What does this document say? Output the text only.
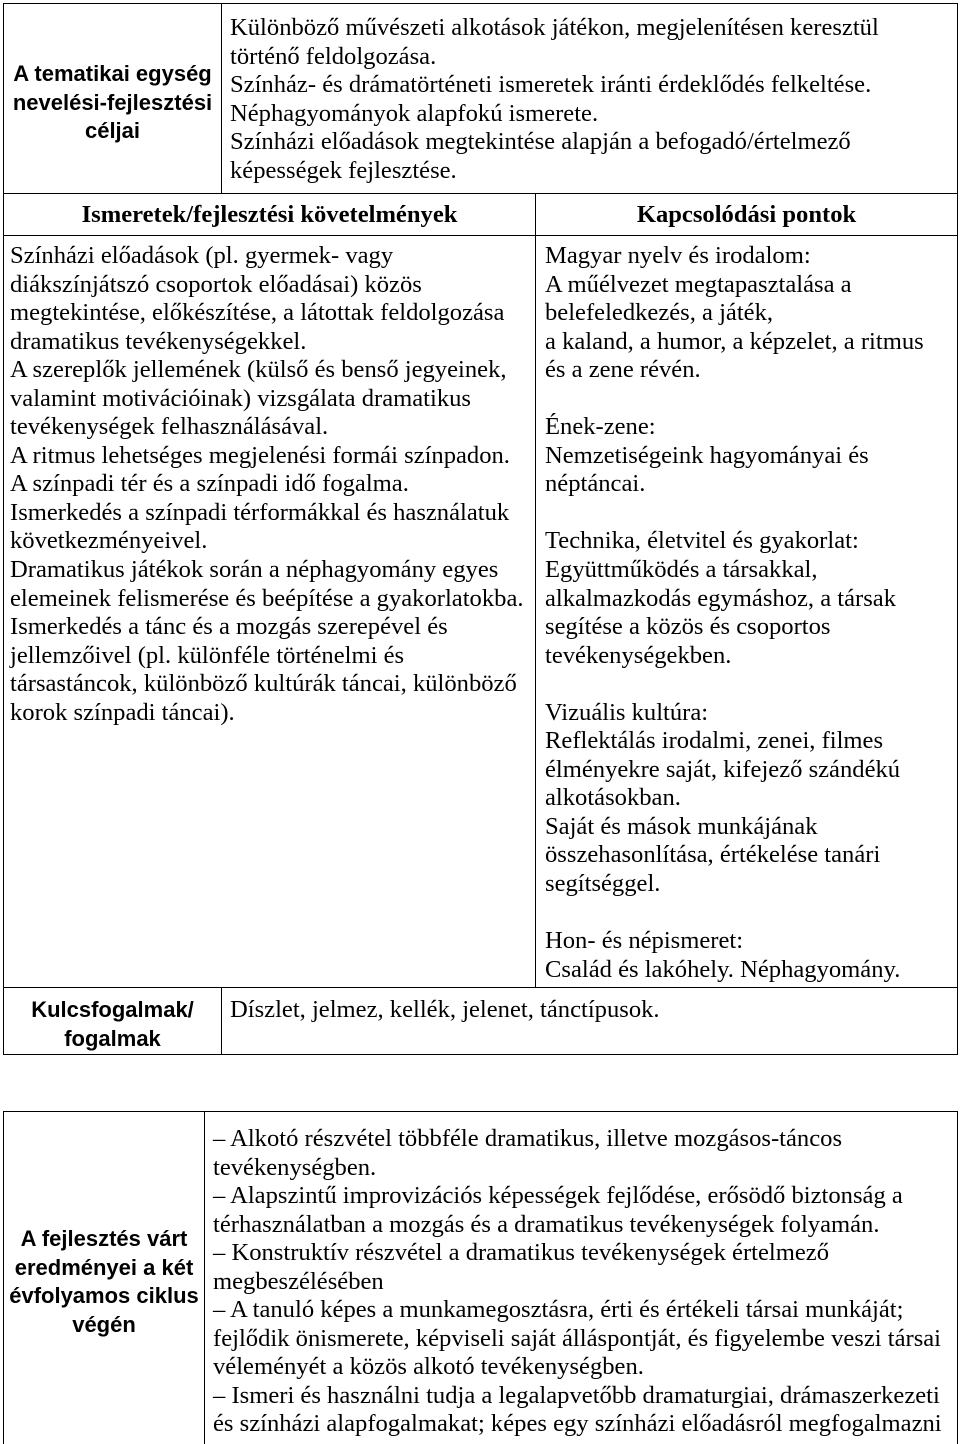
A tematikai egység
nevelési-fejlesztési
céljai
Különböző művészeti alkotások játékon, megjelenítésen keresztül
történő feldolgozása.
Színház- és drámatörténeti ismeretek iránti érdeklődés felkeltése.
Néphagyományok alapfokú ismerete.
Színházi előadások megtekintése alapján a befogadó/értelmező
képességek fejlesztése.
Ismeretek/fejlesztési követelmények	Kapcsolódási pontok
Színházi előadások (pl. gyermek- vagy
diákszínjátszó csoportok előadásai) közös
megtekintése, előkészítése, a látottak feldolgozása
dramatikus tevékenységekkel.
A szereplők jellemének (külső és benső jegyeinek,
valamint motivációinak) vizsgálata dramatikus
tevékenységek felhasználásával.
A ritmus lehetséges megjelenési formái színpadon.
A színpadi tér és a színpadi idő fogalma.
Ismerkedés a színpadi térformákkal és használatuk
következményeivel.
Dramatikus játékok során a néphagyomány egyes
elemeinek felismerése és beépítése a gyakorlatokba.
Ismerkedés a tánc és a mozgás szerepével és
jellemzőivel (pl. különféle történelmi és
társastáncok, különböző kultúrák táncai, különböző
korok színpadi táncai).
Magyar nyelv és irodalom:
A műélvezet megtapasztalása a
belefeledkezés, a játék,
a kaland, a humor, a képzelet, a ritmus
és a zene révén.
Ének-zene:
Nemzetiségeink hagyományai és
néptáncai.
Technika, életvitel és gyakorlat:
Együttműködés a társakkal,
alkalmazkodás egymáshoz, a társak
segítése a közös és csoportos
tevékenységekben.
Vizuális kultúra:
Reflektálás irodalmi, zenei, filmes
élményekre saját, kifejező szándékú
alkotásokban.
Saját és mások munkájának
összehasonlítása, értékelése tanári
segítséggel.
Hon- és népismeret:
Család és lakóhely. Néphagyomány.
Kulcsfogalmak/
fogalmak
Díszlet, jelmez, kellék, jelenet, tánctípusok.
A fejlesztés várt
eredményei a két
évfolyamos ciklus
végén
– Alkotó részvétel többféle dramatikus, illetve mozgásos-táncos
tevékenységben.
– Alapszintű improvizációs képességek fejlődése, erősödő biztonság a
térhasználatban a mozgás és a dramatikus tevékenységek folyamán.
– Konstruktív részvétel a dramatikus tevékenységek értelmező
megbeszélésében
– A tanuló képes a munkamegosztásra, érti és értékeli társai munkáját;
fejlődik önismerete, képviseli saját álláspontját, és figyelembe veszi társai
véleményét a közös alkotó tevékenységben.
– Ismeri és használni tudja a legalapvetőbb dramaturgiai, drámaszerkezeti
és színházi alapfogalmakat; képes egy színházi előadásról megfogalmazni
